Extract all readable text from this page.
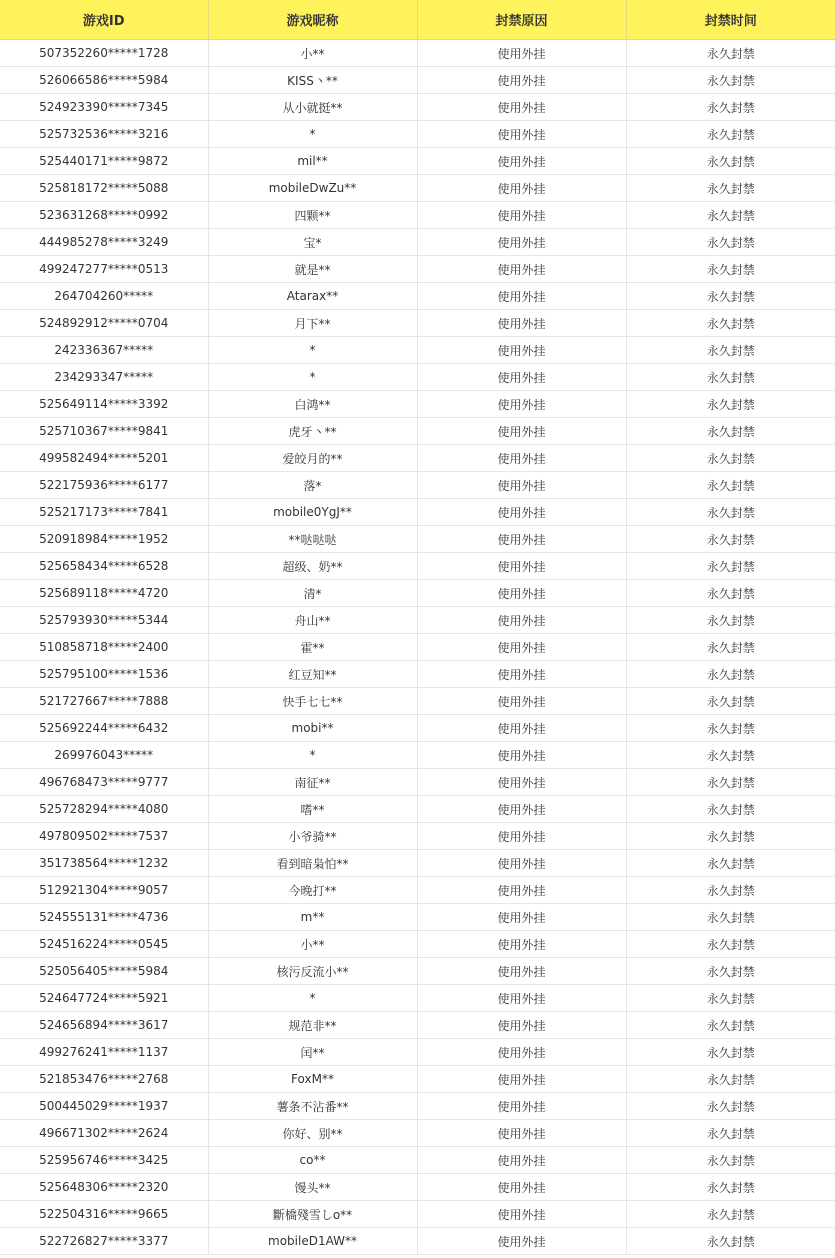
游戏ID	游戏昵称	封禁原因	封禁时间
507352260*****1728	小**	使用外挂	永久封禁
526066586*****5984	KISS丶**	使用外挂	永久封禁
524923390*****7345	从小就挺**	使用外挂	永久封禁
525732536*****3216	*	使用外挂	永久封禁
525440171*****9872	mil**	使用外挂	永久封禁
525818172*****5088	mobileDwZu**	使用外挂	永久封禁
523631268*****0992	四颗**	使用外挂	永久封禁
444985278*****3249	宝*	使用外挂	永久封禁
499247277*****0513	就是**	使用外挂	永久封禁
264704260*****	Atarax**	使用外挂	永久封禁
524892912*****0704	月下**	使用外挂	永久封禁
242336367*****	*	使用外挂	永久封禁
234293347*****	*	使用外挂	永久封禁
525649114*****3392	白鸿**	使用外挂	永久封禁
525710367*****9841	虎牙丶**	使用外挂	永久封禁
499582494*****5201	爱皎月的**	使用外挂	永久封禁
522175936*****6177	落*	使用外挂	永久封禁
525217173*****7841	mobile0YgJ**	使用外挂	永久封禁
520918984*****1952	**哒哒哒	使用外挂	永久封禁
525658434*****6528	超级、奶**	使用外挂	永久封禁
525689118*****4720	清*	使用外挂	永久封禁
525793930*****5344	舟山**	使用外挂	永久封禁
510858718*****2400	霍**	使用外挂	永久封禁
525795100*****1536	红豆知**	使用外挂	永久封禁
521727667*****7888	快手七七**	使用外挂	永久封禁
525692244*****6432	mobi**	使用外挂	永久封禁
269976043*****	*	使用外挂	永久封禁
496768473*****9777	南征**	使用外挂	永久封禁
525728294*****4080	嗜**	使用外挂	永久封禁
497809502*****7537	小爷骑**	使用外挂	永久封禁
351738564*****1232	看到暗枭怕**	使用外挂	永久封禁
512921304*****9057	今晚打**	使用外挂	永久封禁
524555131*****4736	m**	使用外挂	永久封禁
524516224*****0545	小**	使用外挂	永久封禁
525056405*****5984	核污反流小**	使用外挂	永久封禁
524647724*****5921	*	使用外挂	永久封禁
524656894*****3617	规范非**	使用外挂	永久封禁
499276241*****1137	闰**	使用外挂	永久封禁
521853476*****2768	FoxM**	使用外挂	永久封禁
500445029*****1937	薯条不沾番**	使用外挂	永久封禁
496671302*****2624	你好、别**	使用外挂	永久封禁
525956746*****3425	co**	使用外挂	永久封禁
525648306*****2320	馒头**	使用外挂	永久封禁
522504316*****9665	斷橋殘雪しo**	使用外挂	永久封禁
522726827*****3377	mobileD1AW**	使用外挂	永久封禁
